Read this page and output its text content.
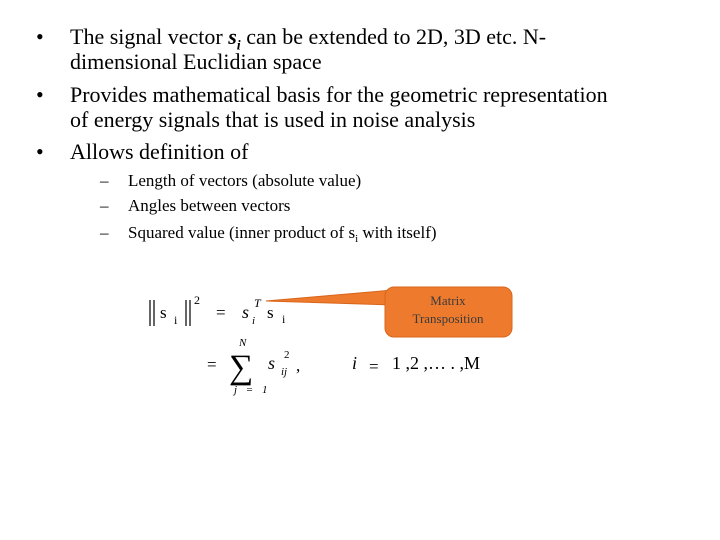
• The signal vector $s_i$ can be extended to 2D, 3D etc. N-
dimensional Euclidian space
• Provides mathematical basis for the geometric representation
of energy signals that is used in noise analysis
• Allows definition of
– Length of vectors (absolute value)
– Angles between vectors
– Squared value (inner product of $s_i$ with itself)
Matrix
Transposition
s i
2
= s T
i s i
=
N
∑
j = 1
s 2
ij ,	i = 1 ,2 ,… . ,M
